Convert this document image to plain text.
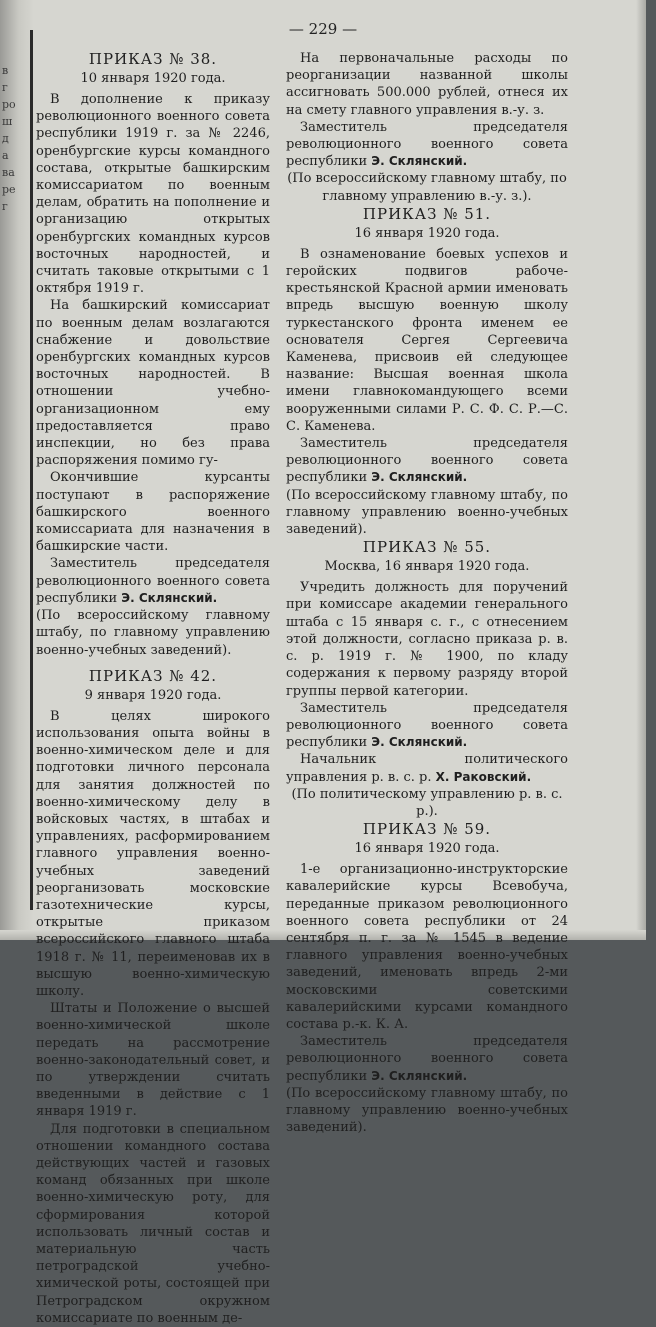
в
г
ро
ш
д
а
ва
ре
г
— 229 —
ПРИКАЗ № 38.
10 января 1920 года.

В дополнение к приказу революционного военного совета республики 1919 г. за № 2246, оренбургские курсы командного состава, открытые башкирским комиссариатом по военным делам, обратить на пополнение и организацию открытых оренбургских командных курсов восточных народностей, и считать таковые открытыми с 1 октября 1919 г.

На башкирский комиссариат по военным делам возлагаются снабжение и довольствие оренбургских командных курсов восточных народностей. В отношении учебно-организационном ему предоставляется право инспекции, но без права распоряжения помимо гу-

Окончившие курсанты поступают в распоряжение башкирского военного комиссариата для назначения в башкирские части.

Заместитель председателя революционного военного совета республики Э. Склянский.

(По всероссийскому главному штабу, по главному управлению военно-учебных заведений).

ПРИКАЗ № 42.
9 января 1920 года.

В целях широкого использования опыта войны в военно-химическом деле и для подготовки личного персонала для занятия должностей по военно-химическому делу в войсковых частях, в штабах и управлениях, расформированием главного управления военно-учебных заведений реорганизовать московские газотехнические курсы, открытые приказом всероссийского главного штаба 1918 г. № 11, переименовав их в высшую военно-химическую школу.

Штаты и Положение о высшей военно-химической школе передать на рассмотрение военно-законодательный совет, и по утверждении считать введенными в действие с 1 января 1919 г.

Для подготовки в специальном отношении командного состава действующих частей и газовых команд обязанных при школе военно-химическую роту, для сформирования которой использовать личный состав и материальную часть петроградской учебно-химической роты, состоящей при Петроградском окружном комиссариате по военным де-

На первоначальные расходы по реорганизации названной школы ассигновать 500.000 рублей, отнеся их на смету главного управления в.-у. з.

Заместитель председателя революционного военного совета республики Э. Склянский.

(По всероссийскому главному штабу, по главному управлению в.-у. з.).

ПРИКАЗ № 51.
16 января 1920 года.

В ознаменование боевых успехов и геройских подвигов рабоче-крестьянской Красной армии именовать впредь высшую военную школу туркестанского фронта именем ее основателя Сергея Сергеевича Каменева, присвоив ей следующее название: Высшая военная школа имени главнокомандующего всеми вооруженными силами Р. С. Ф. С. Р.—С. С. Каменева.

Заместитель председателя революционного военного совета республики Э. Склянский.

(По всероссийскому главному штабу, по главному управлению военно-учебных заведений).

ПРИКАЗ № 55.
Москва, 16 января 1920 года.

Учредить должность для поручений при комиссаре академии генерального штаба с 15 января с. г., с отнесением этой должности, согласно приказа р. в. с. р. 1919 г. № 1900, по кладу содержания к первому разряду второй группы первой категории.

Заместитель председателя революционного военного совета республики Э. Склянский.

Начальник политического управления р. в. с. р. Х. Раковский.

(По политическому управлению р. в. с. р.).

ПРИКАЗ № 59.
16 января 1920 года.

1-е организационно-инструкторские кавалерийские курсы Всевобуча, переданные приказом революционного военного совета республики от 24 сентября п. г. за № 1545 в ведение главного управления военно-учебных заведений, именовать впредь 2-ми московскими советскими кавалерийскими курсами командного состава р.-к. К. А.

Заместитель председателя революционного военного совета республики Э. Склянский.

(По всероссийскому главному штабу, по главному управлению военно-учебных заведений).
